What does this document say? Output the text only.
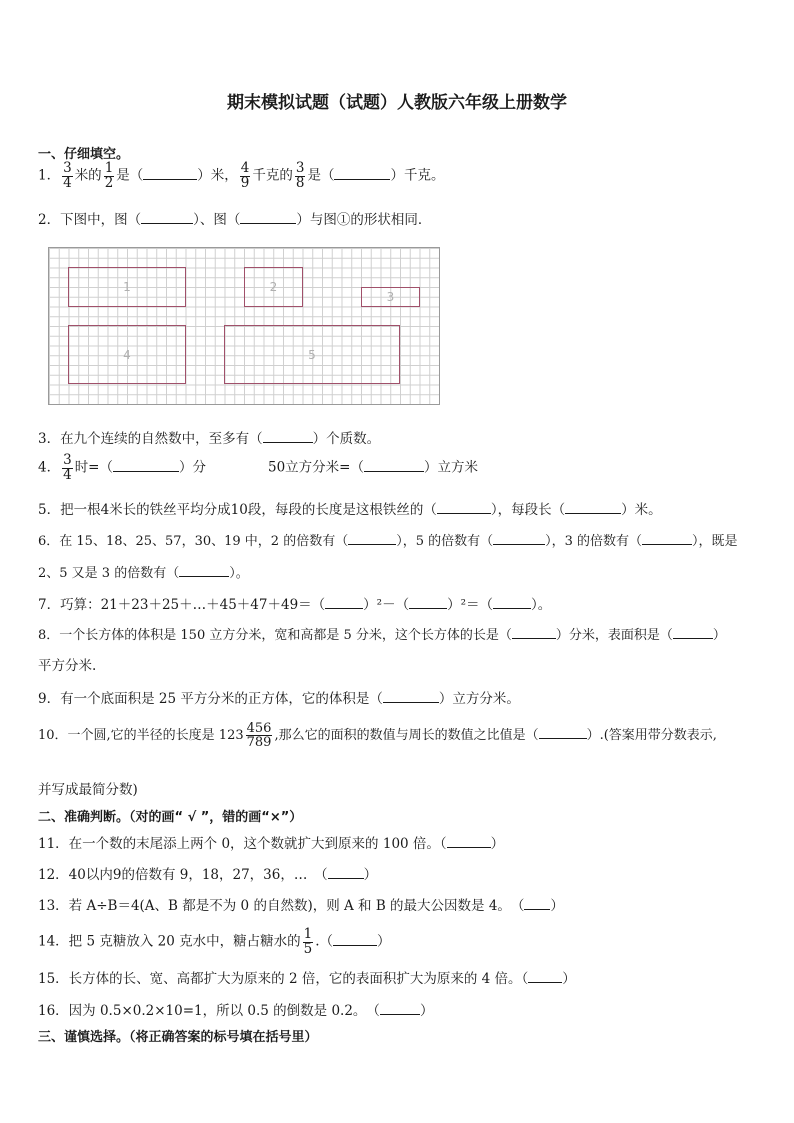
期末模拟试题（试题）人教版六年级上册数学
一、仔细填空。
1． $\frac{3}{4}$ 米的 $\frac{1}{2}$ 是（	）米， $\frac{4}{9}$ 千克的 $\frac{3}{8}$ 是（	）千克。
2．下图中，图（	）、图（	）与图①的形状相同．
1	2
3
4	5
3．在九个连续的自然数中，至多有（	）个质数。
4． $\frac{3}{4}$ 时=（	）分	50立方分米=（	）立方米
5．把一根4米长的铁丝平均分成10段，每段的长度是这根铁丝的（	），每段长（	）米。
6．在 15、18、25、57，30、19 中，2 的倍数有（	），5 的倍数有（	），3 的倍数有（	），既是
2、5 又是 3 的倍数有（	）。
7．巧算：21＋23＋25＋…＋45＋47＋49＝（	）²－（	）²＝（	）。
8．一个长方体的体积是 150 立方分米，宽和高都是 5 分米，这个长方体的长是（	）分米，表面积是（	）
平方分米.
9．有一个底面积是 25 平方分米的正方体，它的体积是（	）立方分米。
10．一个圆,它的半径的长度是 $123 \frac{456}{789}$ ,那么它的面积的数值与周长的数值之比值是（	）.(答案用带分数表示,
并写成最简分数)
二、准确判断。（对的画“ √ ”，错的画“×”）
11．在一个数的末尾添上两个 0，这个数就扩大到原来的 100 倍。（	）
12．40以内9的倍数有 9，18，27，36，…　（	）
13．若 A÷B＝4(A、B 都是不为 0 的自然数)，则 A 和 B 的最大公因数是 4。　（ ）
14．把 5 克糖放入 20 克水中，糖占糖水的 $\frac{1}{5}$ .（	）
15．长方体的长、宽、高都扩大为原来的 2 倍，它的表面积扩大为原来的 4 倍。（	）
16．因为 0.5×0.2×10=1，所以 0.5 的倒数是 0.2。　（	）
三、谨慎选择。（将正确答案的标号填在括号里）
